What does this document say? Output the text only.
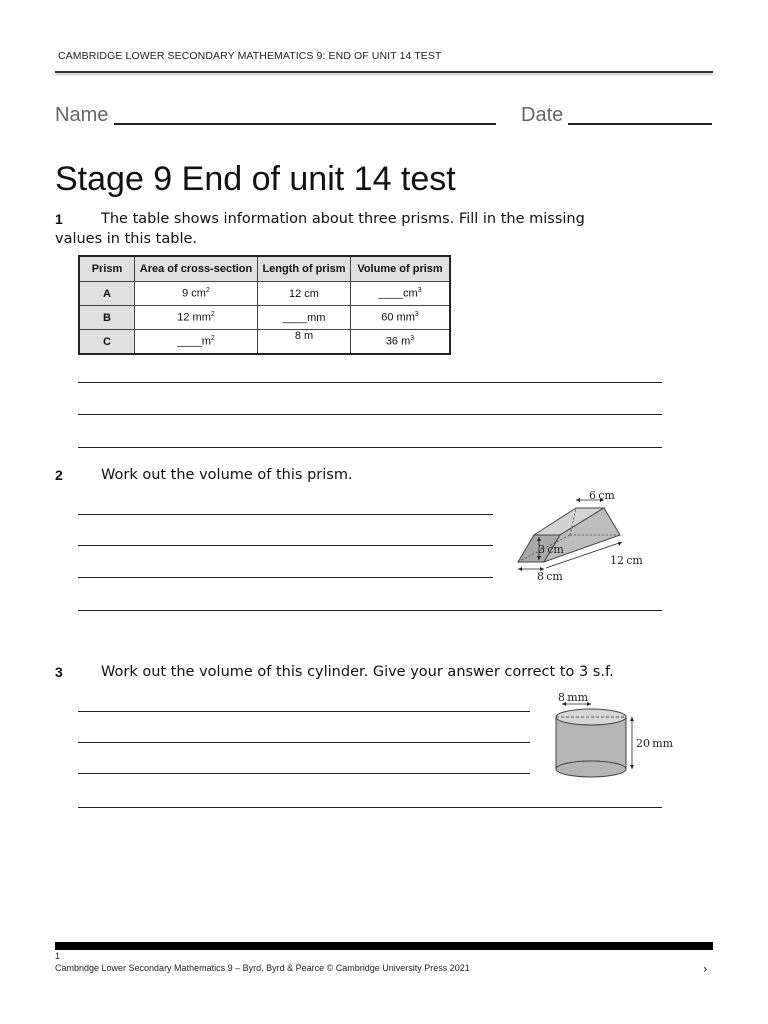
CAMBRIDGE LOWER SECONDARY MATHEMATICS 9: END OF UNIT 14 TEST
Name	Date
Stage 9 End of unit 14 test
1	The table shows information about three prisms. Fill in the missing
values in this table.
Prism	Area of cross-section	Length of prism	Volume of prism
A	9 $cm^2$	12 cm	$\_\_\_\_cm^3$
B	12 $mm^2$	____mm	60 $mm^3$
C	$\_\_\_\_m^2$	8 m	36 $m^3$
2	Work out the volume of this prism.
6 cm
3 cm
12 cm
8 cm
3	Work out the volume of this cylinder. Give your answer correct to 3 s.f.
8 mm
20 mm
1
Cambridge Lower Secondary Mathematics 9 – Byrd, Byrd & Pearce © Cambridge University Press 2021	›
